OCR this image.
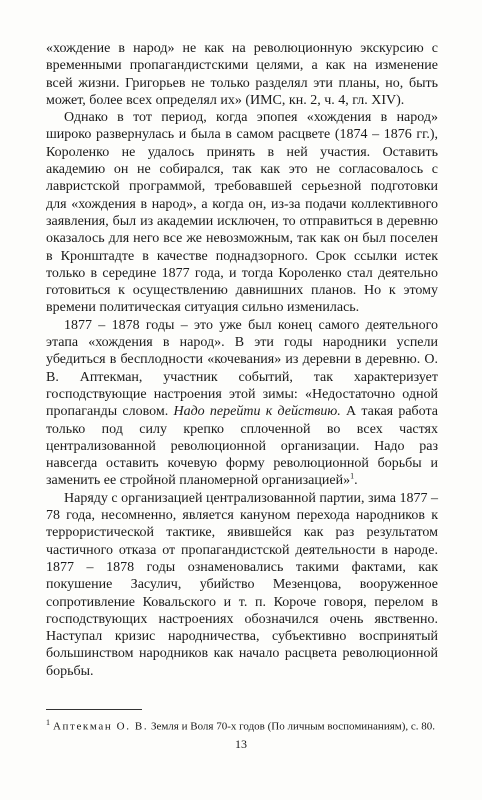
«хождение в народ» не как на революционную экскурсию с временными пропагандистскими целями, а как на изменение всей жизни. Григорьев не только разделял эти планы, но, быть может, более всех определял их» (ИМС, кн. 2, ч. 4, гл. XIV).

Однако в тот период, когда эпопея «хождения в народ» широко развернулась и была в самом расцвете (1874 – 1876 гг.), Короленко не удалось принять в ней участия. Оставить академию он не собирался, так как это не согласовалось с лавристской программой, требовавшей серьезной подготовки для «хождения в народ», а когда он, из-за подачи коллективного заявления, был из академии исключен, то отправиться в деревню оказалось для него все же невозможным, так как он был поселен в Кронштадте в качестве поднадзорного. Срок ссылки истек только в середине 1877 года, и тогда Короленко стал деятельно готовиться к осуществлению давнишних планов. Но к этому времени политическая ситуация сильно изменилась.

1877 – 1878 годы – это уже был конец самого деятельного этапа «хождения в народ». В эти годы народники успели убедиться в бесплодности «кочевания» из деревни в деревню. О. В. Аптекман, участник событий, так характеризует господствующие настроения этой зимы: «Недостаточно одной пропаганды словом. Надо перейти к действию. А такая работа только под силу крепко сплоченной во всех частях централизованной революционной организации. Надо раз навсегда оставить кочевую форму революционной борьбы и заменить ее стройной планомерной организацией»$^1$.

Наряду с организацией централизованной партии, зима 1877 – 78 года, несомненно, является кануном перехода народников к террористической тактике, явившейся как раз результатом частичного отказа от пропагандистской деятельности в народе. 1877 – 1878 годы ознаменовались такими фактами, как покушение Засулич, убийство Мезенцова, вооруженное сопротивление Ковальского и т. п. Короче говоря, перелом в господствующих настроениях обозначился очень явственно. Наступал кризис народничества, субъективно воспринятый большинством народников как начало расцвета революционной борьбы.

$^1$ Аптекман О. В. Земля и Воля 70-х годов (По личным воспоминаниям), с. 80.
13
